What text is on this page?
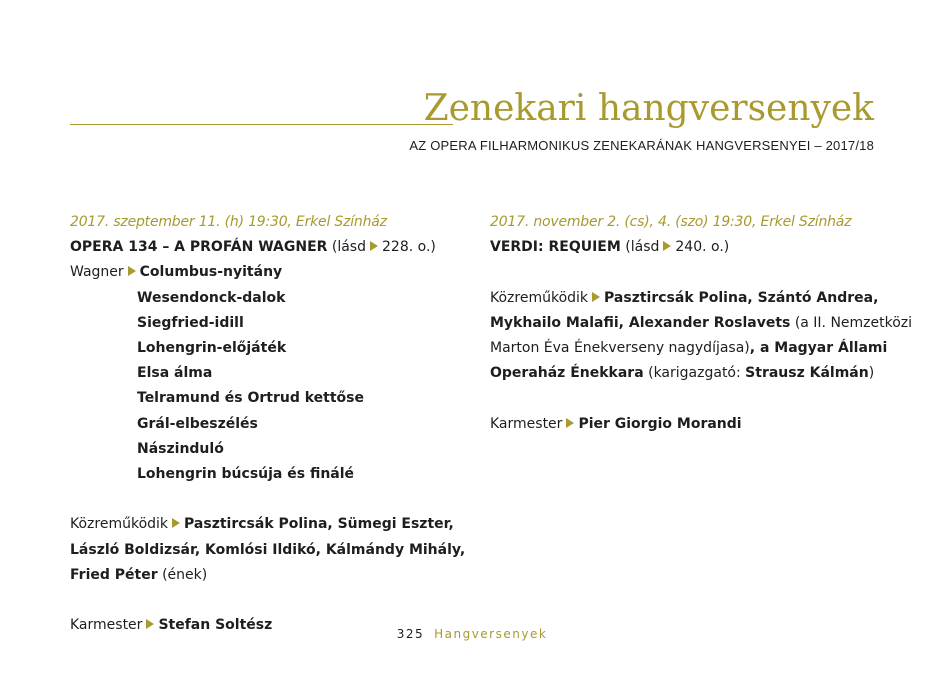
Zenekari hangversenyek
AZ OPERA FILHARMONIKUS ZENEKARÁNAK HANGVERSENYEI – 2017/18
2017. szeptember 11. (h) 19:30, Erkel Színház
OPERA 134 – A PROFÁN WAGNER (lásd 228. o.)
Wagner Columbus-nyitány
Wesendonck-dalok
Siegfried-idill
Lohengrin-előjáték
Elsa álma
Telramund és Ortrud kettőse
Grál-elbeszélés
Nászinduló
Lohengrin búcsúja és finálé
Közreműködik Pasztircsák Polina, Sümegi Eszter,
László Boldizsár, Komlósi Ildikó, Kálmándy Mihály,
Fried Péter (ének)
Karmester Stefan Soltész
2017. november 2. (cs), 4. (szo) 19:30, Erkel Színház
VERDI: REQUIEM (lásd 240. o.)
Közreműködik Pasztircsák Polina, Szántó Andrea,
Mykhailo Malafii, Alexander Roslavets (a II. Nemzetközi
Marton Éva Énekverseny nagydíjasa), a Magyar Állami
Operaház Énekkara (karigazgató: Strausz Kálmán)
Karmester Pier Giorgio Morandi
325 Hangversenyek
